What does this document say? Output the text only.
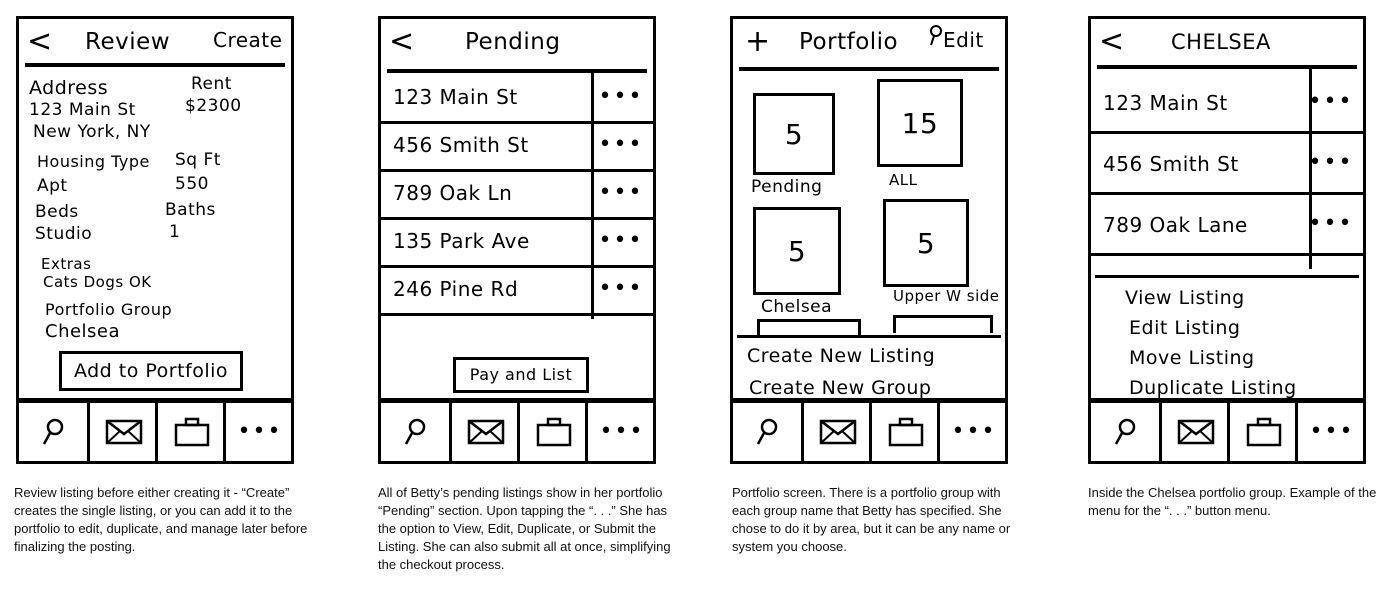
< Review Create
Address
123 Main St
New York, NY
Rent
$2300
Housing Type
Apt
Sq Ft
550
Beds
Studio
Baths
1
Extras
Cats Dogs OK
Portfolio Group
Chelsea
Add to Portfolio
•••
Review listing before either creating it - “Create” creates the single listing, or you can add it to the portfolio to edit, duplicate, and manage later before finalizing the posting.
< Pending
123 Main St	•••
456 Smith St	•••
789 Oak Ln	•••
135 Park Ave	•••
246 Pine Rd	•••
Pay and List
•••
All of Betty’s pending listings show in her portfolio “Pending” section. Upon tapping the “. . .” She has the option to View, Edit, Duplicate, or Submit the Listing. She can also submit all at once, simplifying the checkout process.
+ Portfolio	Edit
5
Pending
15
ALL
5
Chelsea
5
Upper W side
Create New Listing
Create New Group
•••
Portfolio screen. There is a portfolio group with each group name that Betty has specified. She chose to do it by area, but it can be any name or system you choose.
< CHELSEA
123 Main St	•••
456 Smith St	•••
789 Oak Lane	•••
View Listing
Edit Listing
Move Listing
Duplicate Listing
•••
Inside the Chelsea portfolio group. Example of the menu for the “. . .” button menu.
